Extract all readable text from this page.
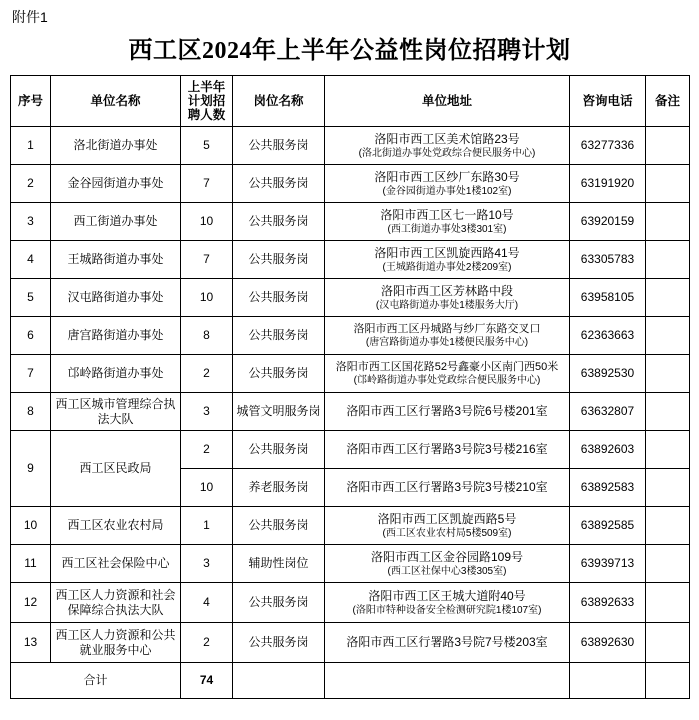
附件1
西工区2024年上半年公益性岗位招聘计划
序号	单位名称	上半年计划招聘人数	岗位名称	单位地址	咨询电话	备注
1	洛北街道办事处	5	公共服务岗	洛阳市西工区美术馆路23号
(洛北街道办事处党政综合便民服务中心)	63277336	
2	金谷园街道办事处	7	公共服务岗	洛阳市西工区纱厂东路30号
(金谷园街道办事处1楼102室)	63191920	
3	西工街道办事处	10	公共服务岗	洛阳市西工区七一路10号
(西工街道办事处3楼301室)	63920159	
4	王城路街道办事处	7	公共服务岗	洛阳市西工区凯旋西路41号
(王城路街道办事处2楼209室)	63305783	
5	汉屯路街道办事处	10	公共服务岗	洛阳市西工区芳林路中段
(汉屯路街道办事处1楼服务大厅)	63958105	
6	唐宫路街道办事处	8	公共服务岗	洛阳市西工区丹城路与纱厂东路交叉口
(唐宫路街道办事处1楼便民服务中心)	62363663	
7	邙岭路街道办事处	2	公共服务岗	洛阳市西工区国花路52号鑫豪小区南门西50米
(邙岭路街道办事处党政综合便民服务中心)	63892530	
8	西工区城市管理综合执法大队	3	城管文明服务岗	洛阳市西工区行署路3号院6号楼201室	63632807	
9	西工区民政局	2	公共服务岗	洛阳市西工区行署路3号院3号楼216室	63892603	
		10	养老服务岗	洛阳市西工区行署路3号院3号楼210室	63892583	
10	西工区农业农村局	1	公共服务岗	洛阳市西工区凯旋西路5号
(西工区农业农村局5楼509室)	63892585	
11	西工区社会保险中心	3	辅助性岗位	洛阳市西工区金谷园路109号
(西工区社保中心3楼305室)	63939713	
12	西工区人力资源和社会保障综合执法大队	4	公共服务岗	洛阳市西工区王城大道附40号
(洛阳市特种设备安全检测研究院1楼107室)	63892633	
13	西工区人力资源和公共就业服务中心	2	公共服务岗	洛阳市西工区行署路3号院7号楼203室	63892630	
合计		74				
